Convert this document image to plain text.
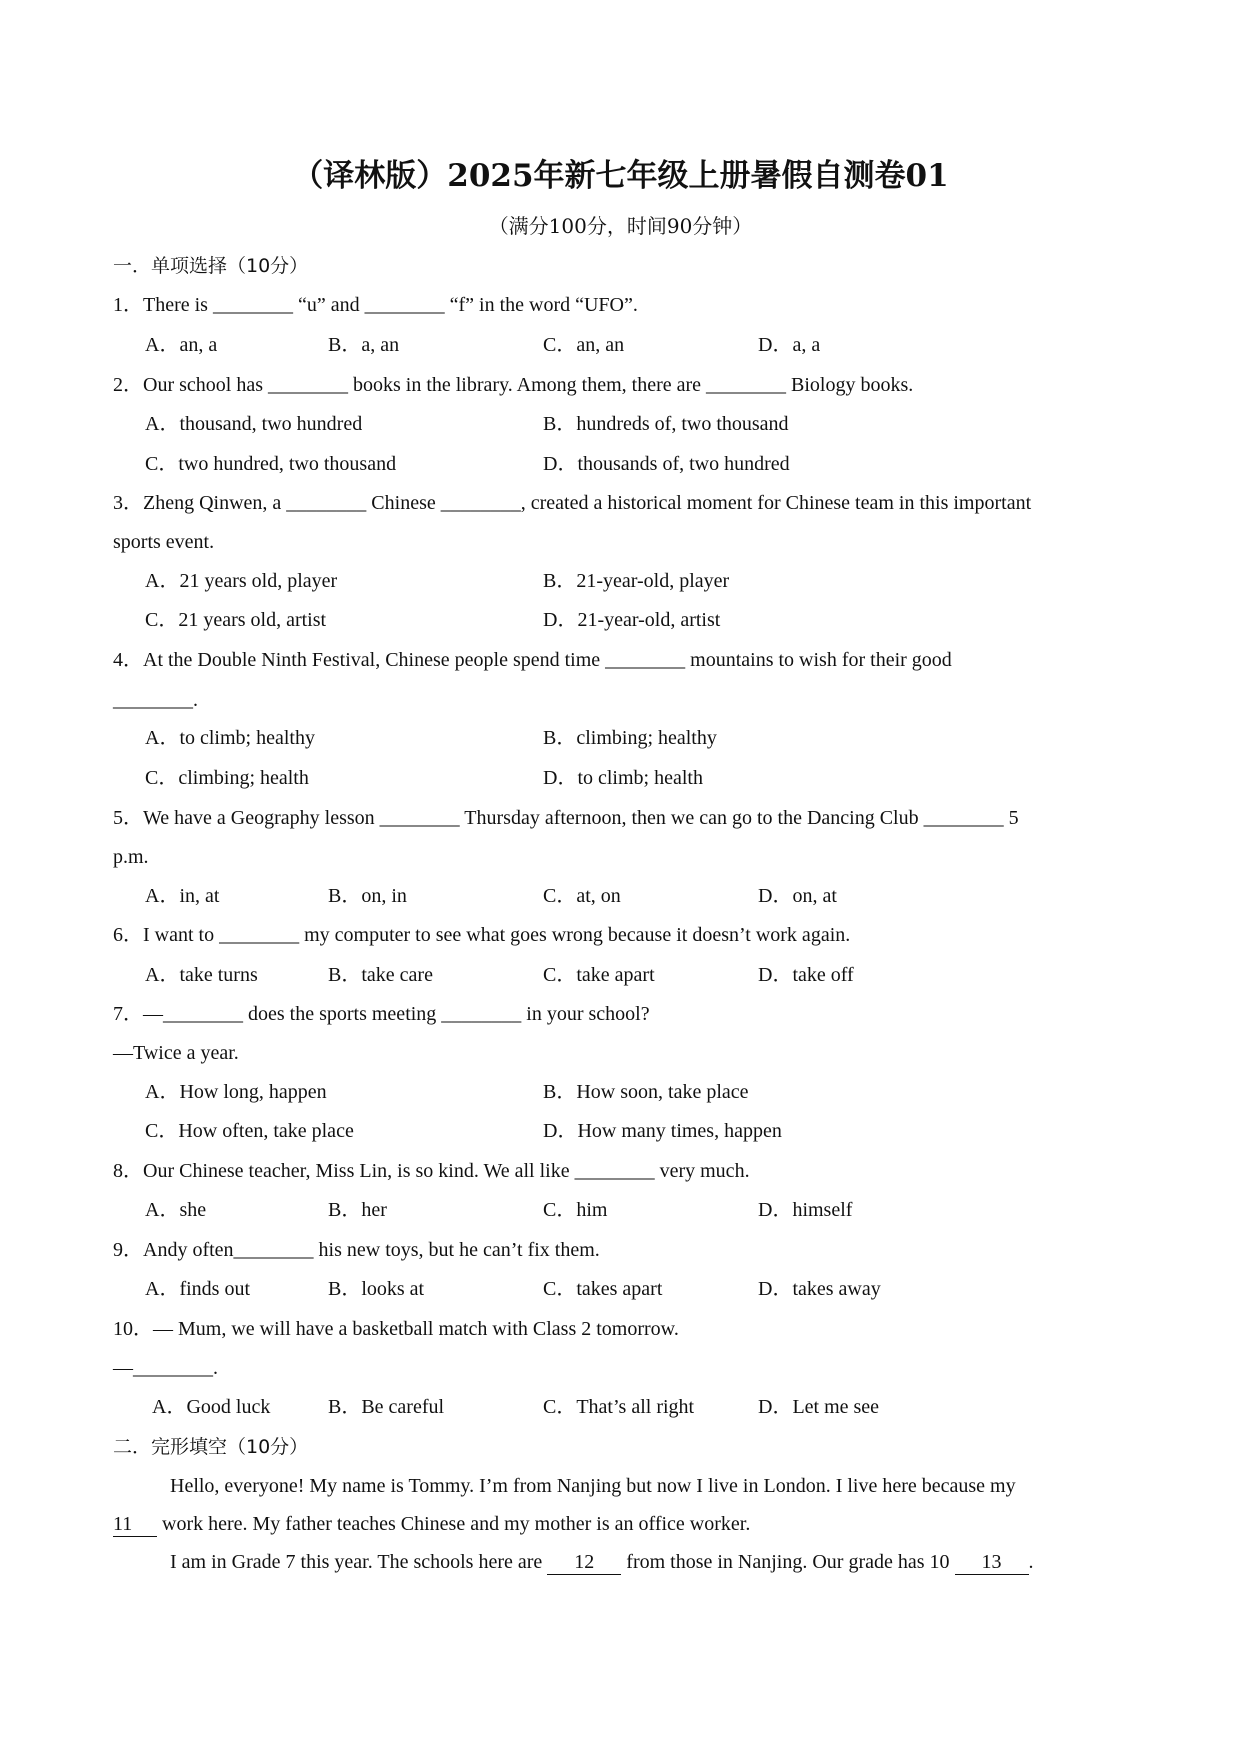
（译林版）2025年新七年级上册暑假自测卷01
（满分100分，时间90分钟）
一．单项选择（10分）
1．There is ________ “u” and ________ “f” in the word “UFO”.
A．an, a	B．a, an	C．an, an	D．a, a
2．Our school has ________ books in the library. Among them, there are ________ Biology books.
A．thousand, two hundred	B．hundreds of, two thousand
C．two hundred, two thousand	D．thousands of, two hundred
3．Zheng Qinwen, a ________ Chinese ________, created a historical moment for Chinese team in this important
sports event.
A．21 years old, player	B．21-year-old, player
C．21 years old, artist	D．21-year-old, artist
4．At the Double Ninth Festival, Chinese people spend time ________ mountains to wish for their good
________.
A．to climb; healthy	B．climbing; healthy
C．climbing; health	D．to climb; health
5．We have a Geography lesson ________ Thursday afternoon, then we can go to the Dancing Club ________ 5
p.m.
A．in, at	B．on, in	C．at, on	D．on, at
6．I want to ________ my computer to see what goes wrong because it doesn’t work again.
A．take turns	B．take care	C．take apart	D．take off
7．—________ does the sports meeting ________ in your school?
—Twice a year.
A．How long, happen	B．How soon, take place
C．How often, take place	D．How many times, happen
8．Our Chinese teacher, Miss Lin, is so kind. We all like ________ very much.
A．she	B．her	C．him	D．himself
9．Andy often________ his new toys, but he can’t fix them.
A．finds out	B．looks at	C．takes apart	D．takes away
10．— Mum, we will have a basketball match with Class 2 tomorrow.
—________.
A．Good luck	B．Be careful	C．That’s all right	D．Let me see
二．完形填空（10分）
Hello, everyone! My name is Tommy. I’m from Nanjing but now I live in London. I live here because my
11 work here. My father teaches Chinese and my mother is an office worker.
I am in Grade 7 this year. The schools here are 12 from those in Nanjing. Our grade has 10 13 .
